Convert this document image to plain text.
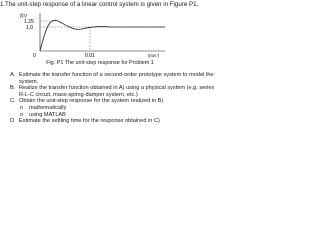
1. The unit-step response of a linear control system is given in Figure P1.
f(t)
1.25
1.0
0	0.01	t(sec)
Fig. P1 The unit-step response for Problem 1
A. Estimate the transfer function of a second-order prototype system to model the
system.
B. Realize the transfer function obtained in A) using a physical system (e.g. series
R-L-C circuit, mass-spring-damper system, etc.)
C. Obtain the unit-step response for the system realized in B)
o mathematically
o using MATLAB
D. Estimate the settling time for the response obtained in C)
